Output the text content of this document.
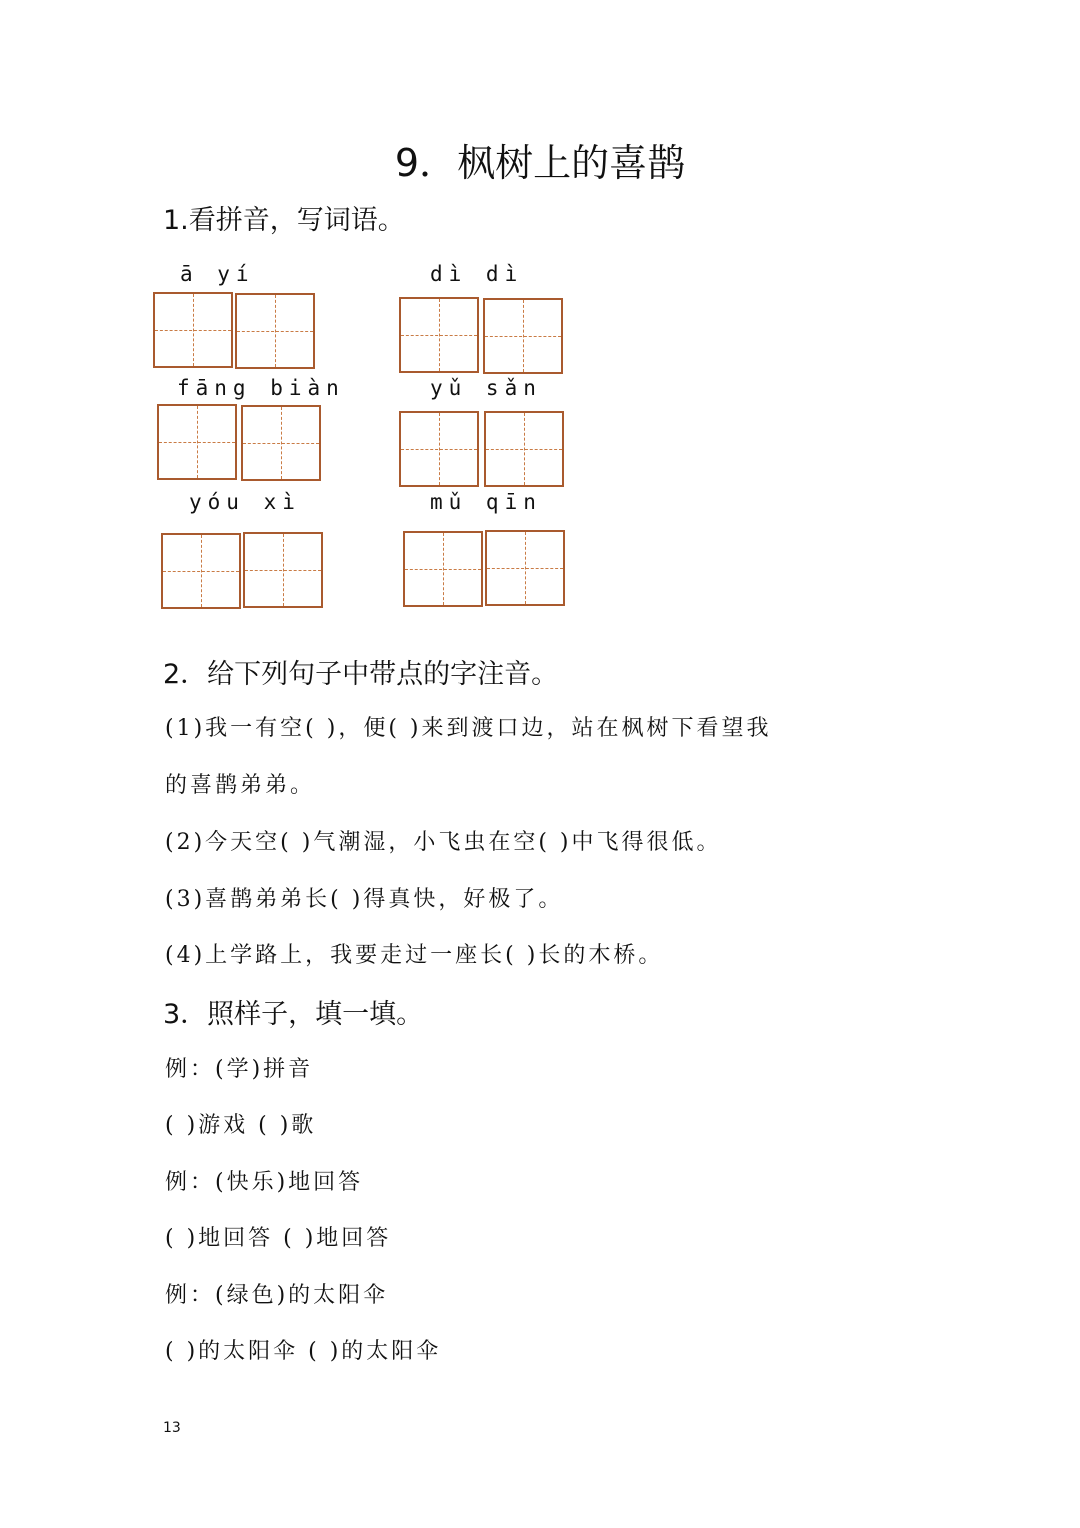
9．枫树上的喜鹊
1.看拼音，写词语。
ā yí	dì dì
fāng biàn	yǔ sǎn
yóu xì	mǔ qīn
2．给下列句子中带点的字注音。
(1)我一有空( )，便( )来到渡口边，站在枫树下看望我
的喜鹊弟弟。
(2)今天空( )气潮湿，小飞虫在空( )中飞得很低。
(3)喜鹊弟弟长( )得真快，好极了。
(4)上学路上，我要走过一座长( )长的木桥。
3．照样子，填一填。
例：(学)拼音
( )游戏 ( )歌
例：(快乐)地回答
( )地回答 ( )地回答
例：(绿色)的太阳伞
( )的太阳伞 ( )的太阳伞
13
